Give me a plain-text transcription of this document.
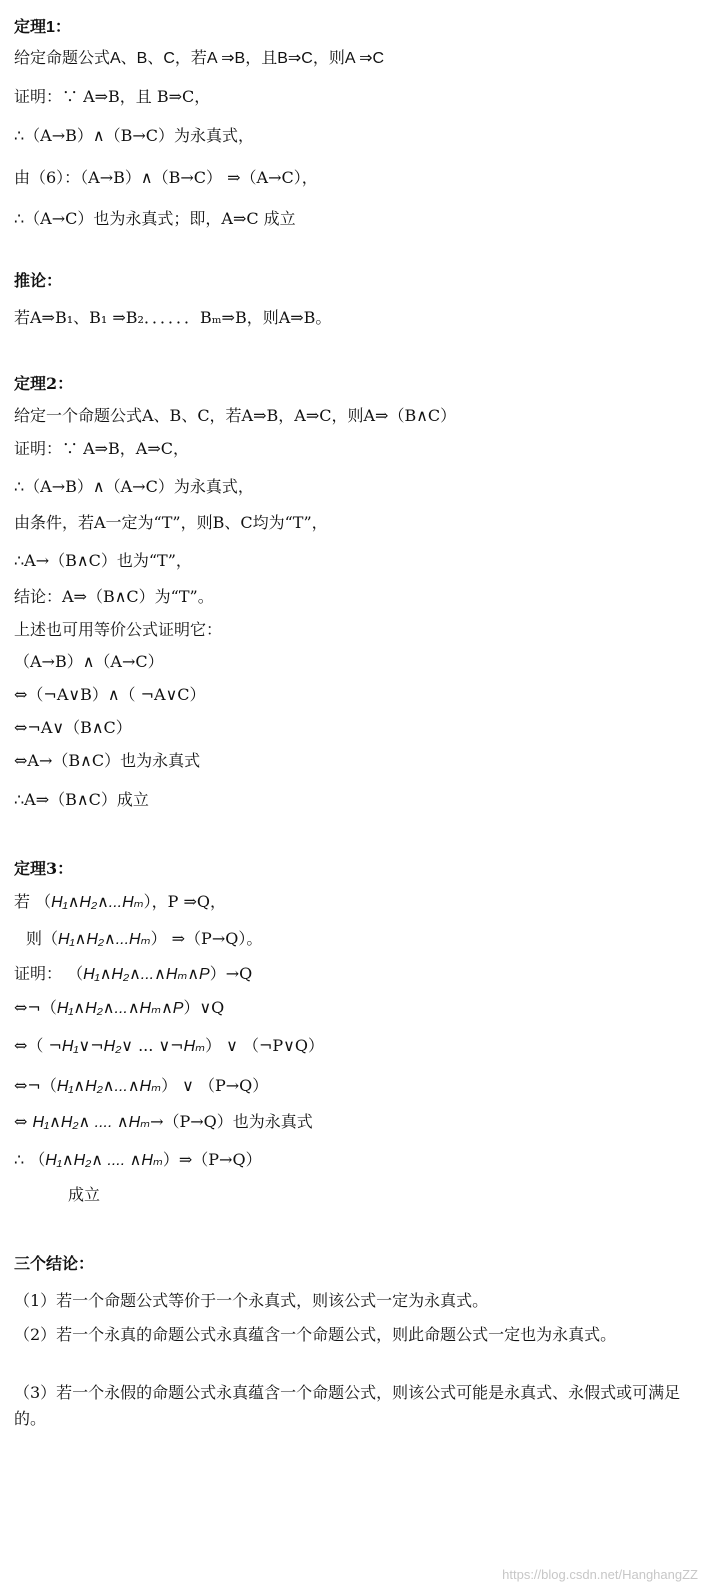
定理1：
给定命题公式A、B、C，若A ⇒B，且B⇒C，则A ⇒C
证明：∵ A⇒B，且 B⇒C，
∴（A→B）∧（B→C）为永真式，
由（6）：（A→B）∧（B→C） ⇒（A→C），
∴（A→C）也为永真式；即，A⇒C 成立
推论：
若A⇒B₁、B₁ ⇒B₂．．．．．．Bₘ⇒B，则A⇒B。
定理2：
给定一个命题公式A、B、C，若A⇒B，A⇒C，则A⇒（B∧C）
证明：∵ A⇒B，A⇒C，
∴（A→B）∧（A→C）为永真式，
由条件，若A一定为“T”，则B、C均为“T”，
∴A→（B∧C）也为“T”，
结论：A⇒（B∧C）为“T”。
上述也可用等价公式证明它：
（A→B）∧（A→C）
⇔（¬A∨B）∧（ ¬A∨C）
⇔¬A∨（B∧C）
⇔A→（B∧C）也为永真式
∴A⇒（B∧C）成立
定理3：
若 （H₁∧H₂∧...Hₘ），P ⇒Q，
则（H₁∧H₂∧...Hₘ） ⇒（P→Q）。
证明： （H₁∧H₂∧...∧Hₘ∧P）→Q
⇔¬（H₁∧H₂∧...∧Hₘ∧P）∨Q
⇔（ ¬H₁∨¬H₂∨ ... ∨¬Hₘ） ∨ （¬P∨Q）
⇔¬（H₁∧H₂∧...∧Hₘ） ∨ （P→Q）
⇔ H₁∧H₂∧ .... ∧Hₘ→（P→Q）也为永真式
∴ （H₁∧H₂∧ .... ∧Hₘ）⇒（P→Q）
成立
三个结论：
（1）若一个命题公式等价于一个永真式，则该公式一定为永真式。
（2）若一个永真的命题公式永真蕴含一个命题公式，则此命题公式一定也为永真式。
（3）若一个永假的命题公式永真蕴含一个命题公式，则该公式可能是永真式、永假式或可满足的。
https://blog.csdn.net/HanghangZZ
